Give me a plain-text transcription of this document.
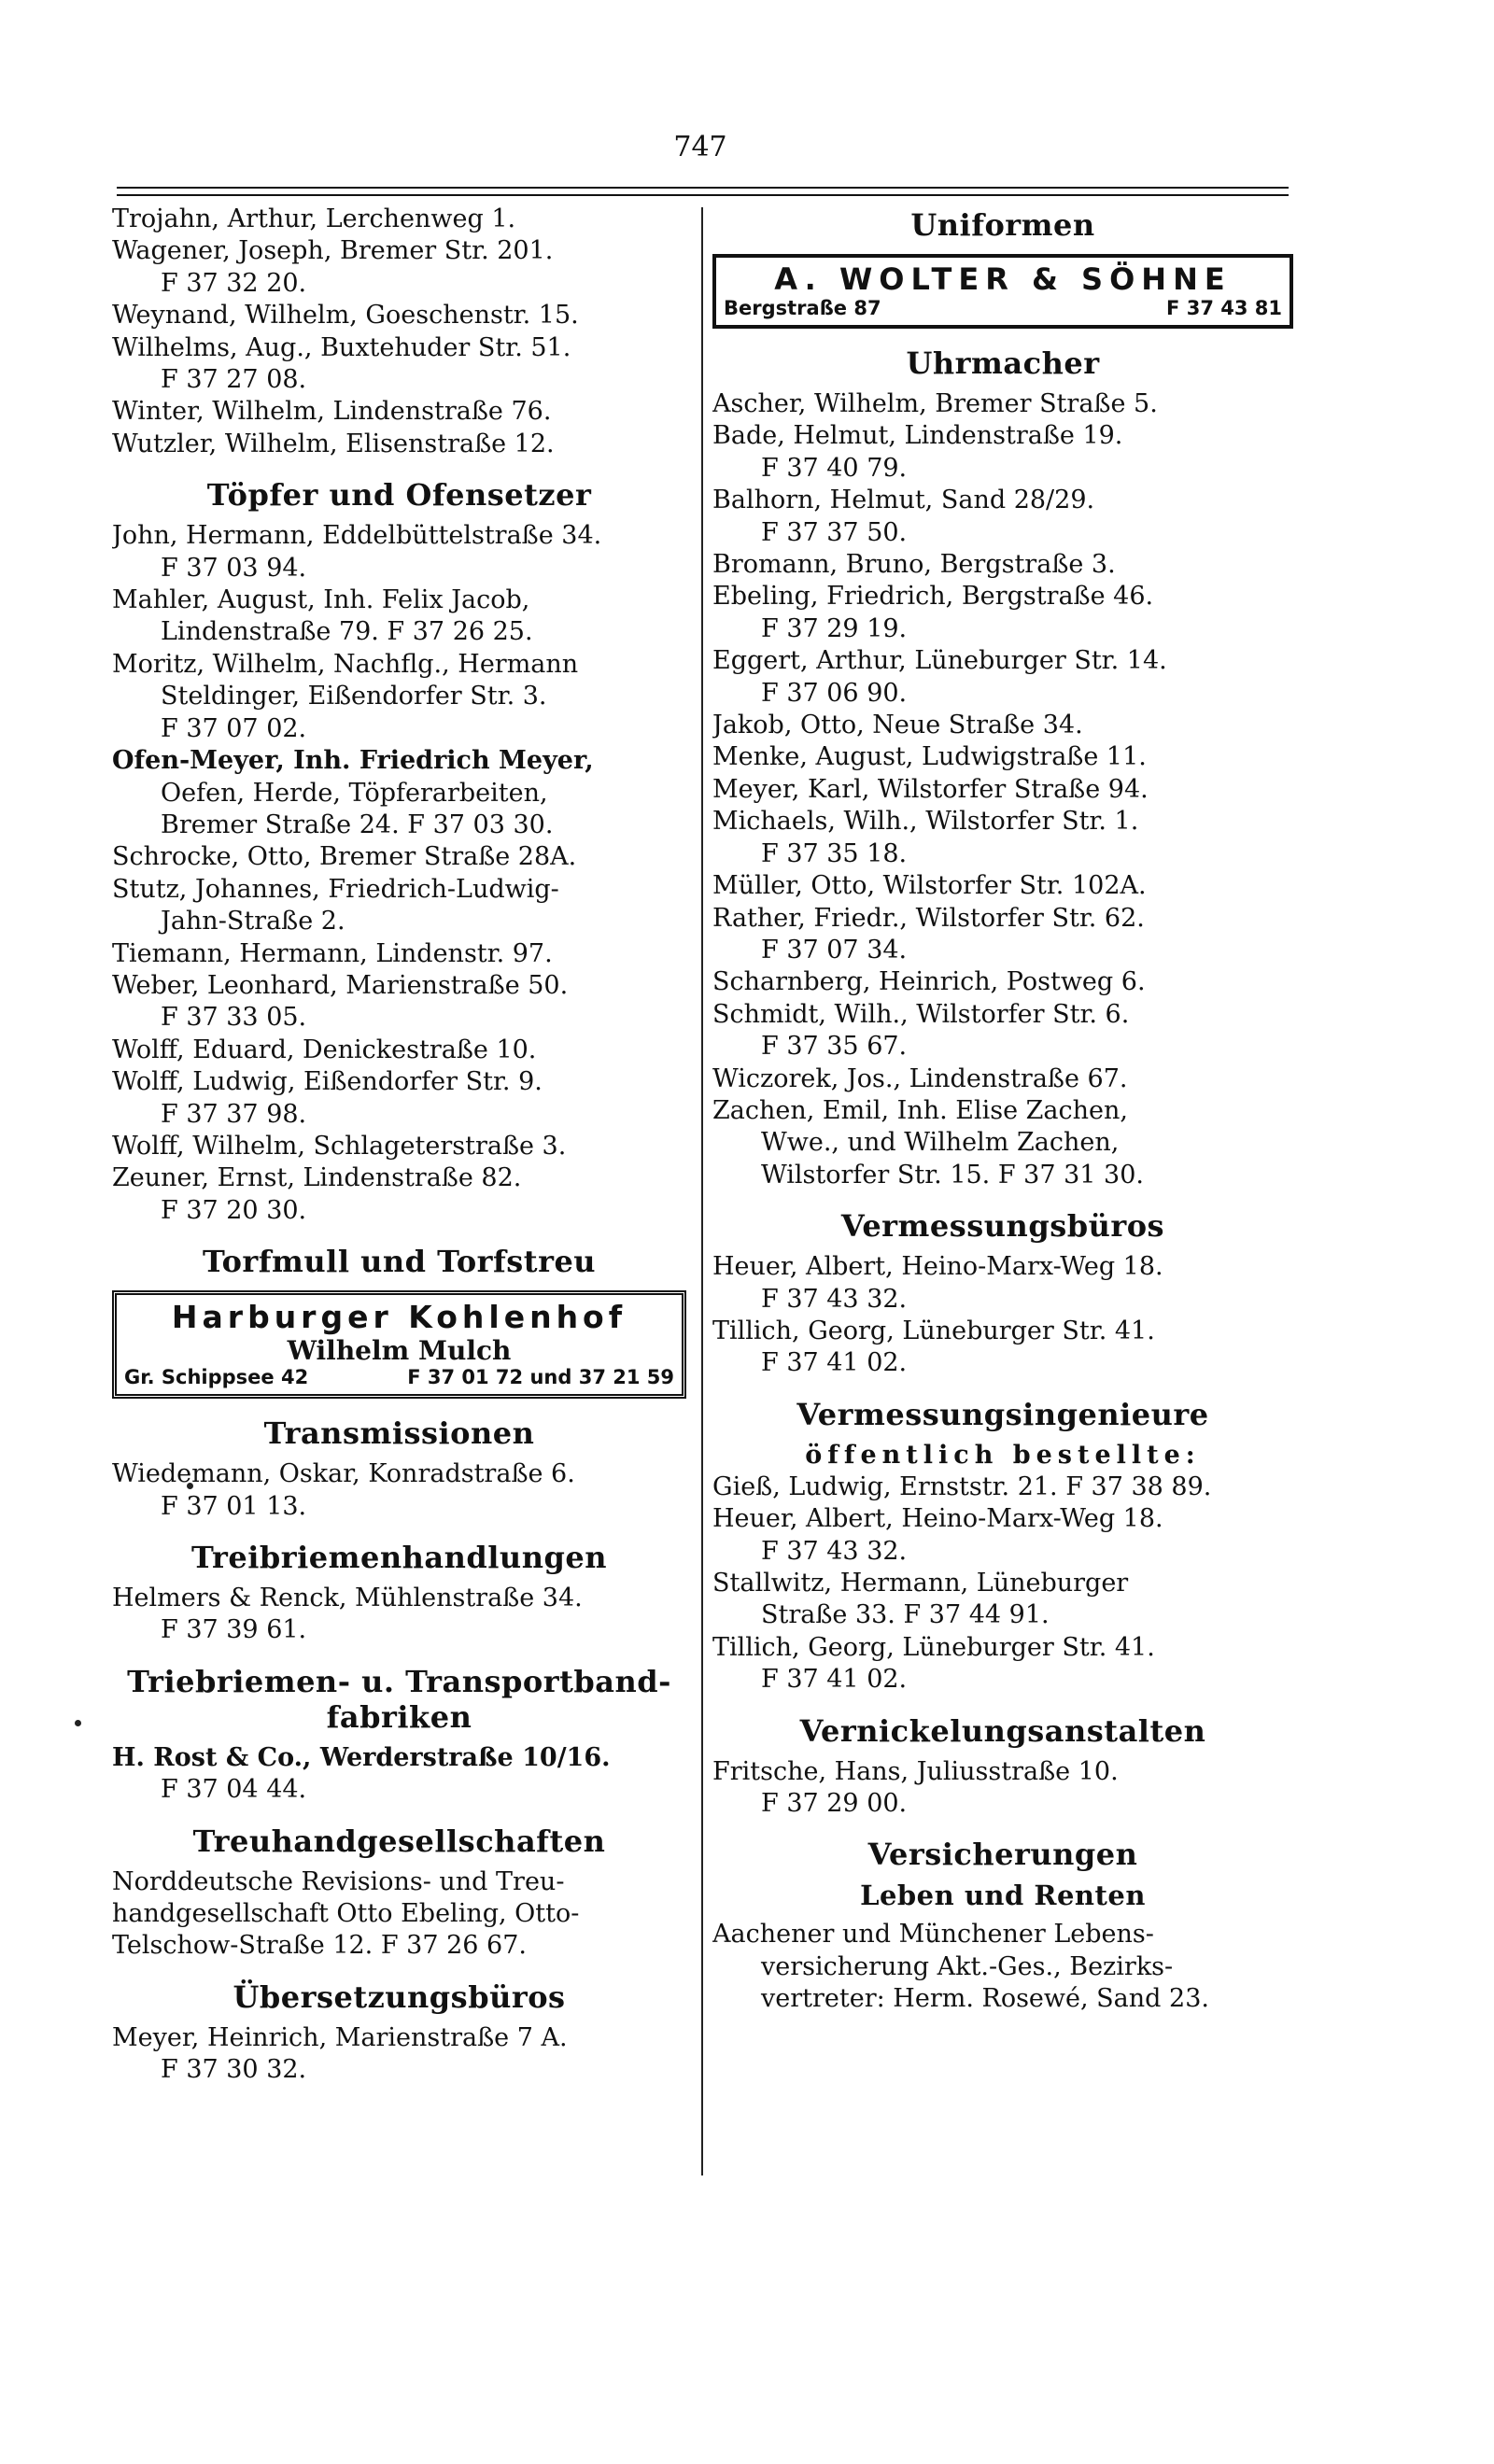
747
Trojahn, Arthur, Lerchenweg 1.
Wagener, Joseph, Bremer Str. 201.
F 37 32 20.
Weynand, Wilhelm, Goeschenstr. 15.
Wilhelms, Aug., Buxtehuder Str. 51.
F 37 27 08.
Winter, Wilhelm, Lindenstraße 76.
Wutzler, Wilhelm, Elisenstraße 12.
Töpfer und Ofensetzer
John, Hermann, Eddelbüttelstraße 34.
F 37 03 94.
Mahler, August, Inh. Felix Jacob,
Lindenstraße 79. F 37 26 25.
Moritz, Wilhelm, Nachflg., Hermann
Steldinger, Eißendorfer Str. 3.
F 37 07 02.
Ofen-Meyer, Inh. Friedrich Meyer,
Oefen, Herde, Töpferarbeiten,
Bremer Straße 24. F 37 03 30.
Schrocke, Otto, Bremer Straße 28A.
Stutz, Johannes, Friedrich-Ludwig-
Jahn-Straße 2.
Tiemann, Hermann, Lindenstr. 97.
Weber, Leonhard, Marienstraße 50.
F 37 33 05.
Wolff, Eduard, Denickestraße 10.
Wolff, Ludwig, Eißendorfer Str. 9.
F 37 37 98.
Wolff, Wilhelm, Schlageterstraße 3.
Zeuner, Ernst, Lindenstraße 82.
F 37 20 30.
Torfmull und Torfstreu
Harburger Kohlenhof
Wilhelm Mulch
Gr. Schippsee 42	F 37 01 72 und 37 21 59
Transmissionen
Wiedemann, Oskar, Konradstraße 6.
F 37 01 13.
Treibriemenhandlungen
Helmers & Renck, Mühlenstraße 34.
F 37 39 61.
Triebriemen- u. Transportband-
fabriken
H. Rost & Co., Werderstraße 10/16.
F 37 04 44.
Treuhandgesellschaften
Norddeutsche Revisions- und Treu-
handgesellschaft Otto Ebeling, Otto-
Telschow-Straße 12. F 37 26 67.
Übersetzungsbüros
Meyer, Heinrich, Marienstraße 7 A.
F 37 30 32.
Uniformen
A. WOLTER & SÖHNE
Bergstraße 87	F 37 43 81
Uhrmacher
Ascher, Wilhelm, Bremer Straße 5.
Bade, Helmut, Lindenstraße 19.
F 37 40 79.
Balhorn, Helmut, Sand 28/29.
F 37 37 50.
Bromann, Bruno, Bergstraße 3.
Ebeling, Friedrich, Bergstraße 46.
F 37 29 19.
Eggert, Arthur, Lüneburger Str. 14.
F 37 06 90.
Jakob, Otto, Neue Straße 34.
Menke, August, Ludwigstraße 11.
Meyer, Karl, Wilstorfer Straße 94.
Michaels, Wilh., Wilstorfer Str. 1.
F 37 35 18.
Müller, Otto, Wilstorfer Str. 102A.
Rather, Friedr., Wilstorfer Str. 62.
F 37 07 34.
Scharnberg, Heinrich, Postweg 6.
Schmidt, Wilh., Wilstorfer Str. 6.
F 37 35 67.
Wiczorek, Jos., Lindenstraße 67.
Zachen, Emil, Inh. Elise Zachen,
Wwe., und Wilhelm Zachen,
Wilstorfer Str. 15. F 37 31 30.
Vermessungsbüros
Heuer, Albert, Heino-Marx-Weg 18.
F 37 43 32.
Tillich, Georg, Lüneburger Str. 41.
F 37 41 02.
Vermessungsingenieure
öffentlich bestellte:
Gieß, Ludwig, Ernststr. 21. F 37 38 89.
Heuer, Albert, Heino-Marx-Weg 18.
F 37 43 32.
Stallwitz, Hermann, Lüneburger
Straße 33. F 37 44 91.
Tillich, Georg, Lüneburger Str. 41.
F 37 41 02.
Vernickelungsanstalten
Fritsche, Hans, Juliusstraße 10.
F 37 29 00.
Versicherungen
Leben und Renten
Aachener und Münchener Lebens-
versicherung Akt.-Ges., Bezirks-
vertreter: Herm. Rosewé, Sand 23.
